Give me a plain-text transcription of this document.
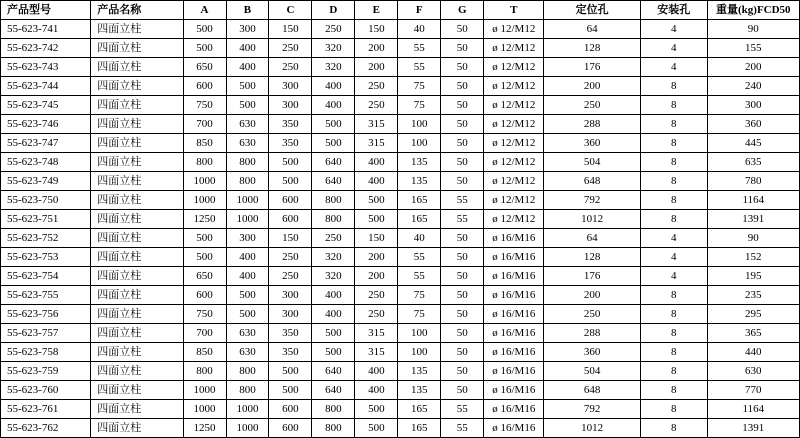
产品型号	产品名称	A	B	C	D	E	F	G	T	定位孔	安装孔	重量(kg)FCD50
55-623-741	四面立柱	500	300	150	250	150	40	50	ø 12/M12	64	4	90
55-623-742	四面立柱	500	400	250	320	200	55	50	ø 12/M12	128	4	155
55-623-743	四面立柱	650	400	250	320	200	55	50	ø 12/M12	176	4	200
55-623-744	四面立柱	600	500	300	400	250	75	50	ø 12/M12	200	8	240
55-623-745	四面立柱	750	500	300	400	250	75	50	ø 12/M12	250	8	300
55-623-746	四面立柱	700	630	350	500	315	100	50	ø 12/M12	288	8	360
55-623-747	四面立柱	850	630	350	500	315	100	50	ø 12/M12	360	8	445
55-623-748	四面立柱	800	800	500	640	400	135	50	ø 12/M12	504	8	635
55-623-749	四面立柱	1000	800	500	640	400	135	50	ø 12/M12	648	8	780
55-623-750	四面立柱	1000	1000	600	800	500	165	55	ø 12/M12	792	8	1164
55-623-751	四面立柱	1250	1000	600	800	500	165	55	ø 12/M12	1012	8	1391
55-623-752	四面立柱	500	300	150	250	150	40	50	ø 16/M16	64	4	90
55-623-753	四面立柱	500	400	250	320	200	55	50	ø 16/M16	128	4	152
55-623-754	四面立柱	650	400	250	320	200	55	50	ø 16/M16	176	4	195
55-623-755	四面立柱	600	500	300	400	250	75	50	ø 16/M16	200	8	235
55-623-756	四面立柱	750	500	300	400	250	75	50	ø 16/M16	250	8	295
55-623-757	四面立柱	700	630	350	500	315	100	50	ø 16/M16	288	8	365
55-623-758	四面立柱	850	630	350	500	315	100	50	ø 16/M16	360	8	440
55-623-759	四面立柱	800	800	500	640	400	135	50	ø 16/M16	504	8	630
55-623-760	四面立柱	1000	800	500	640	400	135	50	ø 16/M16	648	8	770
55-623-761	四面立柱	1000	1000	600	800	500	165	55	ø 16/M16	792	8	1164
55-623-762	四面立柱	1250	1000	600	800	500	165	55	ø 16/M16	1012	8	1391
